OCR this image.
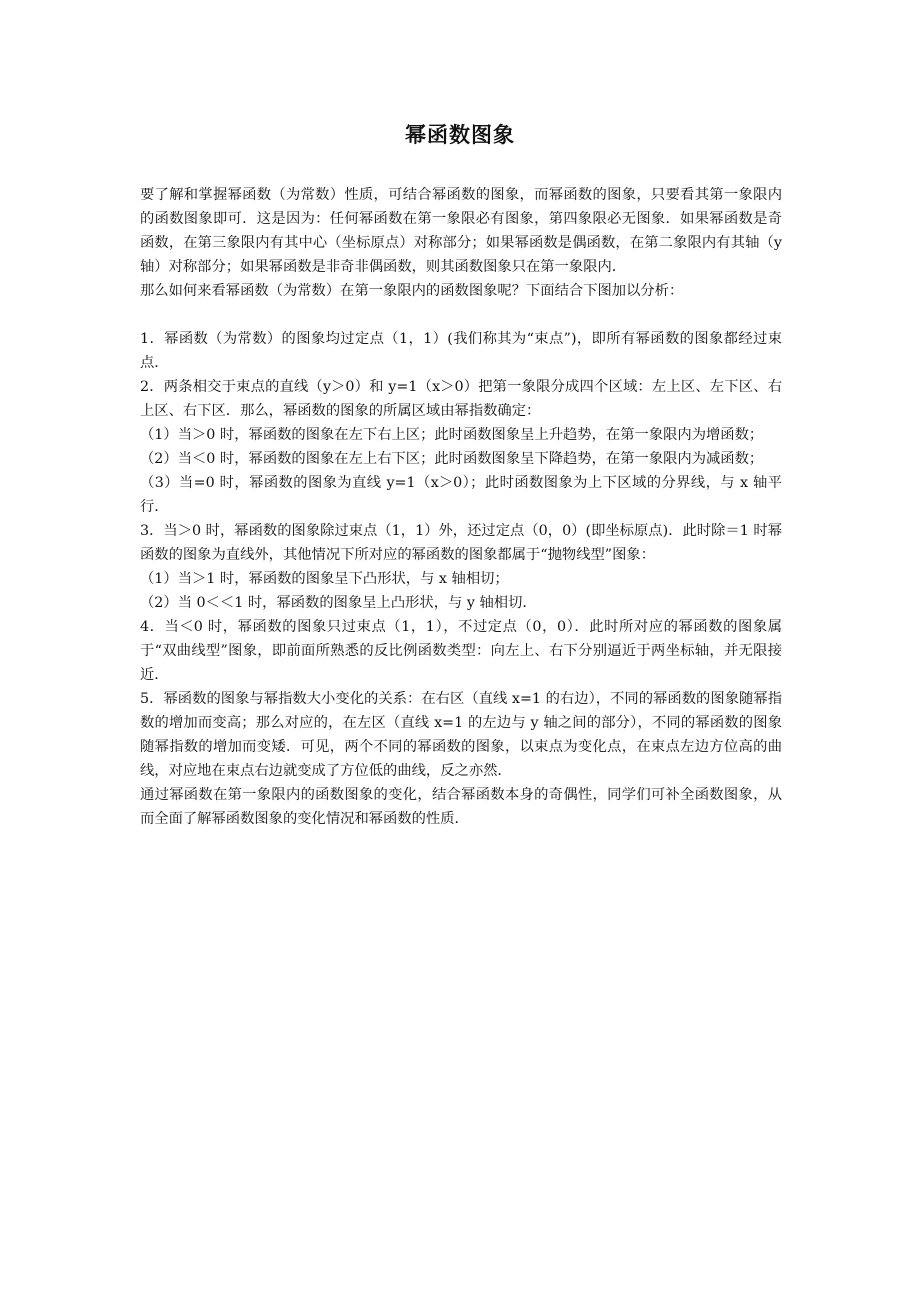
幂函数图象

要了解和掌握幂函数（为常数）性质，可结合幂函数的图象，而幂函数的图象，只要看其第一象限内的函数图象即可．这是因为：任何幂函数在第一象限必有图象，第四象限必无图象．如果幂函数是奇函数，在第三象限内有其中心（坐标原点）对称部分；如果幂函数是偶函数，在第二象限内有其轴（y 轴）对称部分；如果幂函数是非奇非偶函数，则其函数图象只在第一象限内．

那么如何来看幂函数（为常数）在第一象限内的函数图象呢？下面结合下图加以分析：

1．幂函数（为常数）的图象均过定点（1，1）(我们称其为“束点”)，即所有幂函数的图象都经过束点．

2．两条相交于束点的直线（y＞0）和 y=1（x＞0）把第一象限分成四个区域：左上区、左下区、右上区、右下区．那么，幂函数的图象的所属区域由幂指数确定：

（1）当＞0 时，幂函数的图象在左下右上区；此时函数图象呈上升趋势，在第一象限内为增函数；

（2）当＜0 时，幂函数的图象在左上右下区；此时函数图象呈下降趋势，在第一象限内为减函数；

（3）当=0 时，幂函数的图象为直线 y=1（x＞0）；此时函数图象为上下区域的分界线，与 x 轴平行．

3．当＞0 时，幂函数的图象除过束点（1，1）外，还过定点（0，0）(即坐标原点)．此时除＝1 时幂函数的图象为直线外，其他情况下所对应的幂函数的图象都属于“抛物线型”图象：

（1）当＞1 时，幂函数的图象呈下凸形状，与 x 轴相切；

（2）当 0＜＜1 时，幂函数的图象呈上凸形状，与 y 轴相切．

4．当＜0 时，幂函数的图象只过束点（1，1），不过定点（0，0）．此时所对应的幂函数的图象属于“双曲线型”图象，即前面所熟悉的反比例函数类型：向左上、右下分别逼近于两坐标轴，并无限接近．

5．幂函数的图象与幂指数大小变化的关系：在右区（直线 x=1 的右边），不同的幂函数的图象随幂指数的增加而变高；那么对应的，在左区（直线 x=1 的左边与 y 轴之间的部分），不同的幂函数的图象随幂指数的增加而变矮．可见，两个不同的幂函数的图象，以束点为变化点，在束点左边方位高的曲线，对应地在束点右边就变成了方位低的曲线，反之亦然．

通过幂函数在第一象限内的函数图象的变化，结合幂函数本身的奇偶性，同学们可补全函数图象，从而全面了解幂函数图象的变化情况和幂函数的性质．
